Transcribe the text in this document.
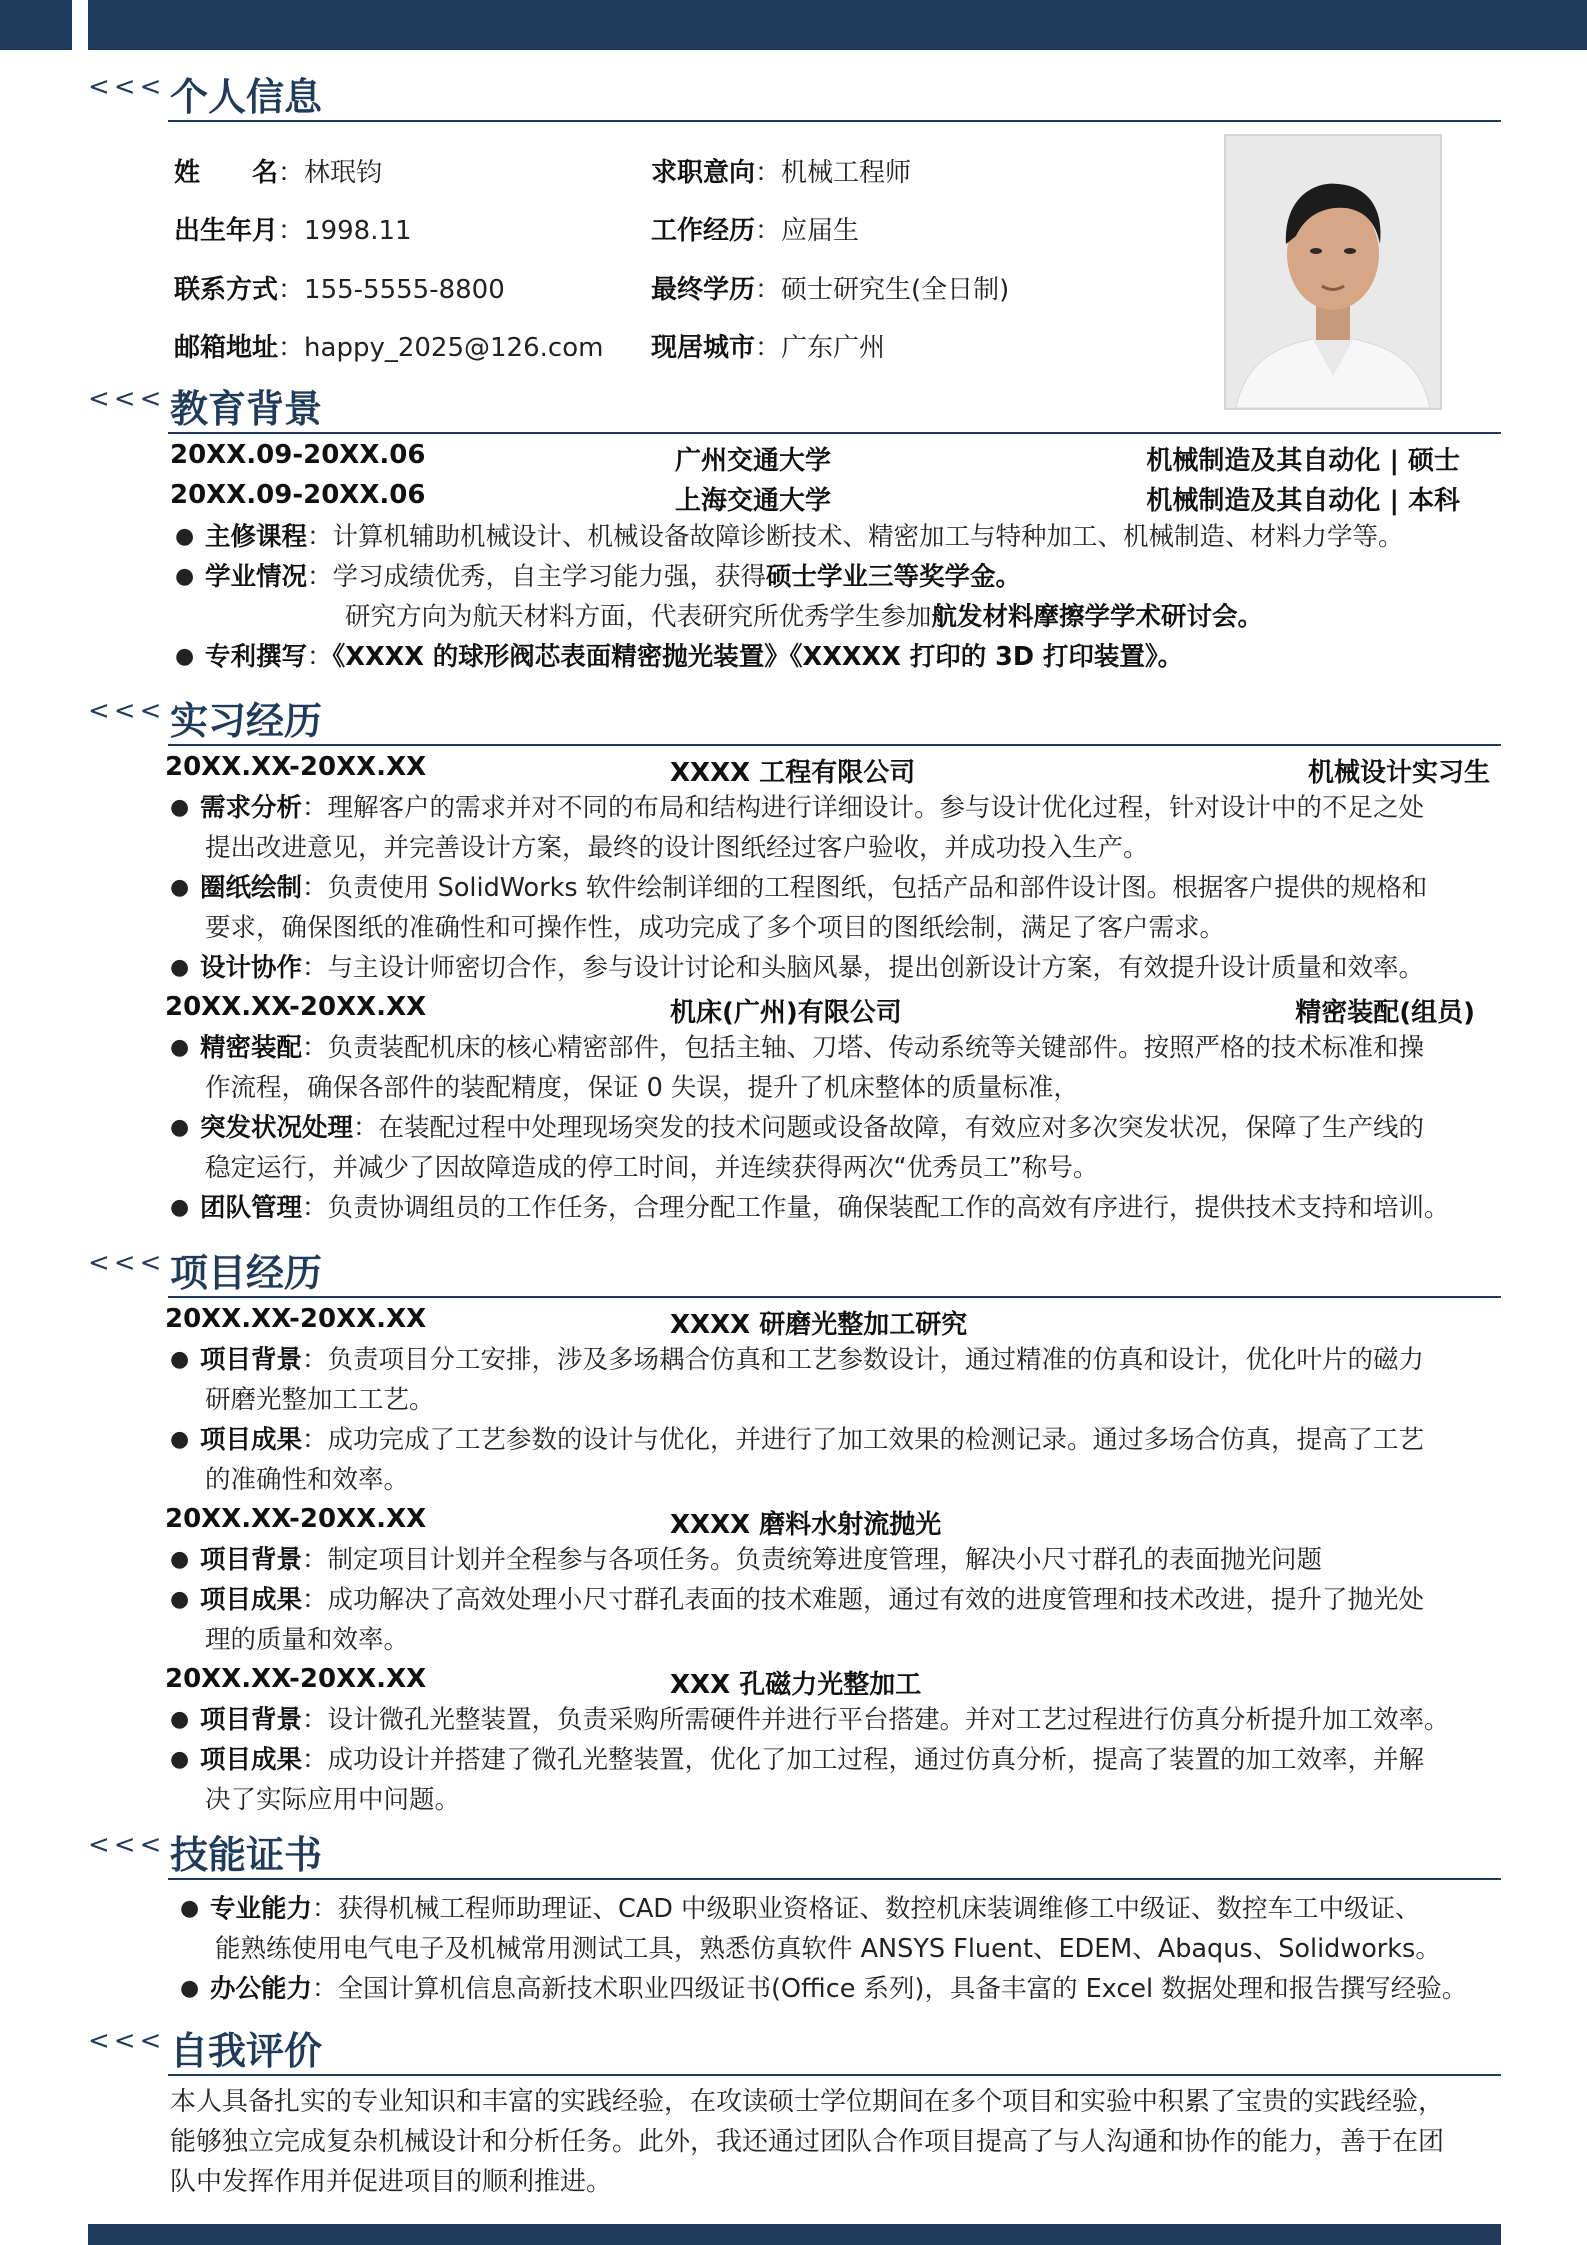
<<< 个人信息
姓　　名：林珉钧
出生年月：1998.11
联系方式：155-5555-8800
邮箱地址：happy_2025@126.com
求职意向：机械工程师
工作经历：应届生
最终学历：硕士研究生(全日制)
现居城市：广东广州
<<< 教育背景
20XX.09-20XX.06	广州交通大学	机械制造及其自动化 | 硕士
20XX.09-20XX.06	上海交通大学	机械制造及其自动化 | 本科
● 主修课程：计算机辅助机械设计、机械设备故障诊断技术、精密加工与特种加工、机械制造、材料力学等。
● 学业情况：学习成绩优秀，自主学习能力强，获得硕士学业三等奖学金。
研究方向为航天材料方面，代表研究所优秀学生参加航发材料摩擦学学术研讨会。
● 专利撰写：《XXXX 的球形阀芯表面精密抛光装置》《XXXXX 打印的 3D 打印装置》。
<<< 实习经历
20XX.XX-20XX.XX	XXXX 工程有限公司	机械设计实习生
● 需求分析：理解客户的需求并对不同的布局和结构进行详细设计。参与设计优化过程，针对设计中的不足之处
提出改进意见，并完善设计方案，最终的设计图纸经过客户验收，并成功投入生产。
● 圈纸绘制：负责使用 SolidWorks 软件绘制详细的工程图纸，包括产品和部件设计图。根据客户提供的规格和
要求，确保图纸的准确性和可操作性，成功完成了多个项目的图纸绘制，满足了客户需求。
● 设计协作：与主设计师密切合作，参与设计讨论和头脑风暴，提出创新设计方案，有效提升设计质量和效率。
20XX.XX-20XX.XX	机床(广州)有限公司	精密装配(组员)
● 精密装配：负责装配机床的核心精密部件，包括主轴、刀塔、传动系统等关键部件。按照严格的技术标准和操
作流程，确保各部件的装配精度，保证 0 失误，提升了机床整体的质量标准，
● 突发状况处理：在装配过程中处理现场突发的技术问题或设备故障，有效应对多次突发状况，保障了生产线的
稳定运行，并减少了因故障造成的停工时间，并连续获得两次“优秀员工”称号。
● 团队管理：负责协调组员的工作任务，合理分配工作量，确保装配工作的高效有序进行，提供技术支持和培训。
<<< 项目经历
20XX.XX-20XX.XX	XXXX 研磨光整加工研究
● 项目背景：负责项目分工安排，涉及多场耦合仿真和工艺参数设计，通过精准的仿真和设计，优化叶片的磁力
研磨光整加工工艺。
● 项目成果：成功完成了工艺参数的设计与优化，并进行了加工效果的检测记录。通过多场合仿真，提高了工艺
的准确性和效率。
20XX.XX-20XX.XX	XXXX 磨料水射流抛光
● 项目背景：制定项目计划并全程参与各项任务。负责统筹进度管理，解决小尺寸群孔的表面抛光问题
● 项目成果：成功解决了高效处理小尺寸群孔表面的技术难题，通过有效的进度管理和技术改进，提升了抛光处
理的质量和效率。
20XX.XX-20XX.XX	XXX 孔磁力光整加工
● 项目背景：设计微孔光整装置，负责采购所需硬件并进行平台搭建。并对工艺过程进行仿真分析提升加工效率。
● 项目成果：成功设计并搭建了微孔光整装置，优化了加工过程，通过仿真分析，提高了装置的加工效率，并解
决了实际应用中问题。
<<< 技能证书
● 专业能力：获得机械工程师助理证、CAD 中级职业资格证、数控机床装调维修工中级证、数控车工中级证、
能熟练使用电气电子及机械常用测试工具，熟悉仿真软件 ANSYS Fluent、EDEM、Abaqus、Solidworks。
● 办公能力：全国计算机信息高新技术职业四级证书(Office 系列)，具备丰富的 Excel 数据处理和报告撰写经验。
<<< 自我评价
本人具备扎实的专业知识和丰富的实践经验，在攻读硕士学位期间在多个项目和实验中积累了宝贵的实践经验，
能够独立完成复杂机械设计和分析任务。此外，我还通过团队合作项目提高了与人沟通和协作的能力，善于在团
队中发挥作用并促进项目的顺利推进。
